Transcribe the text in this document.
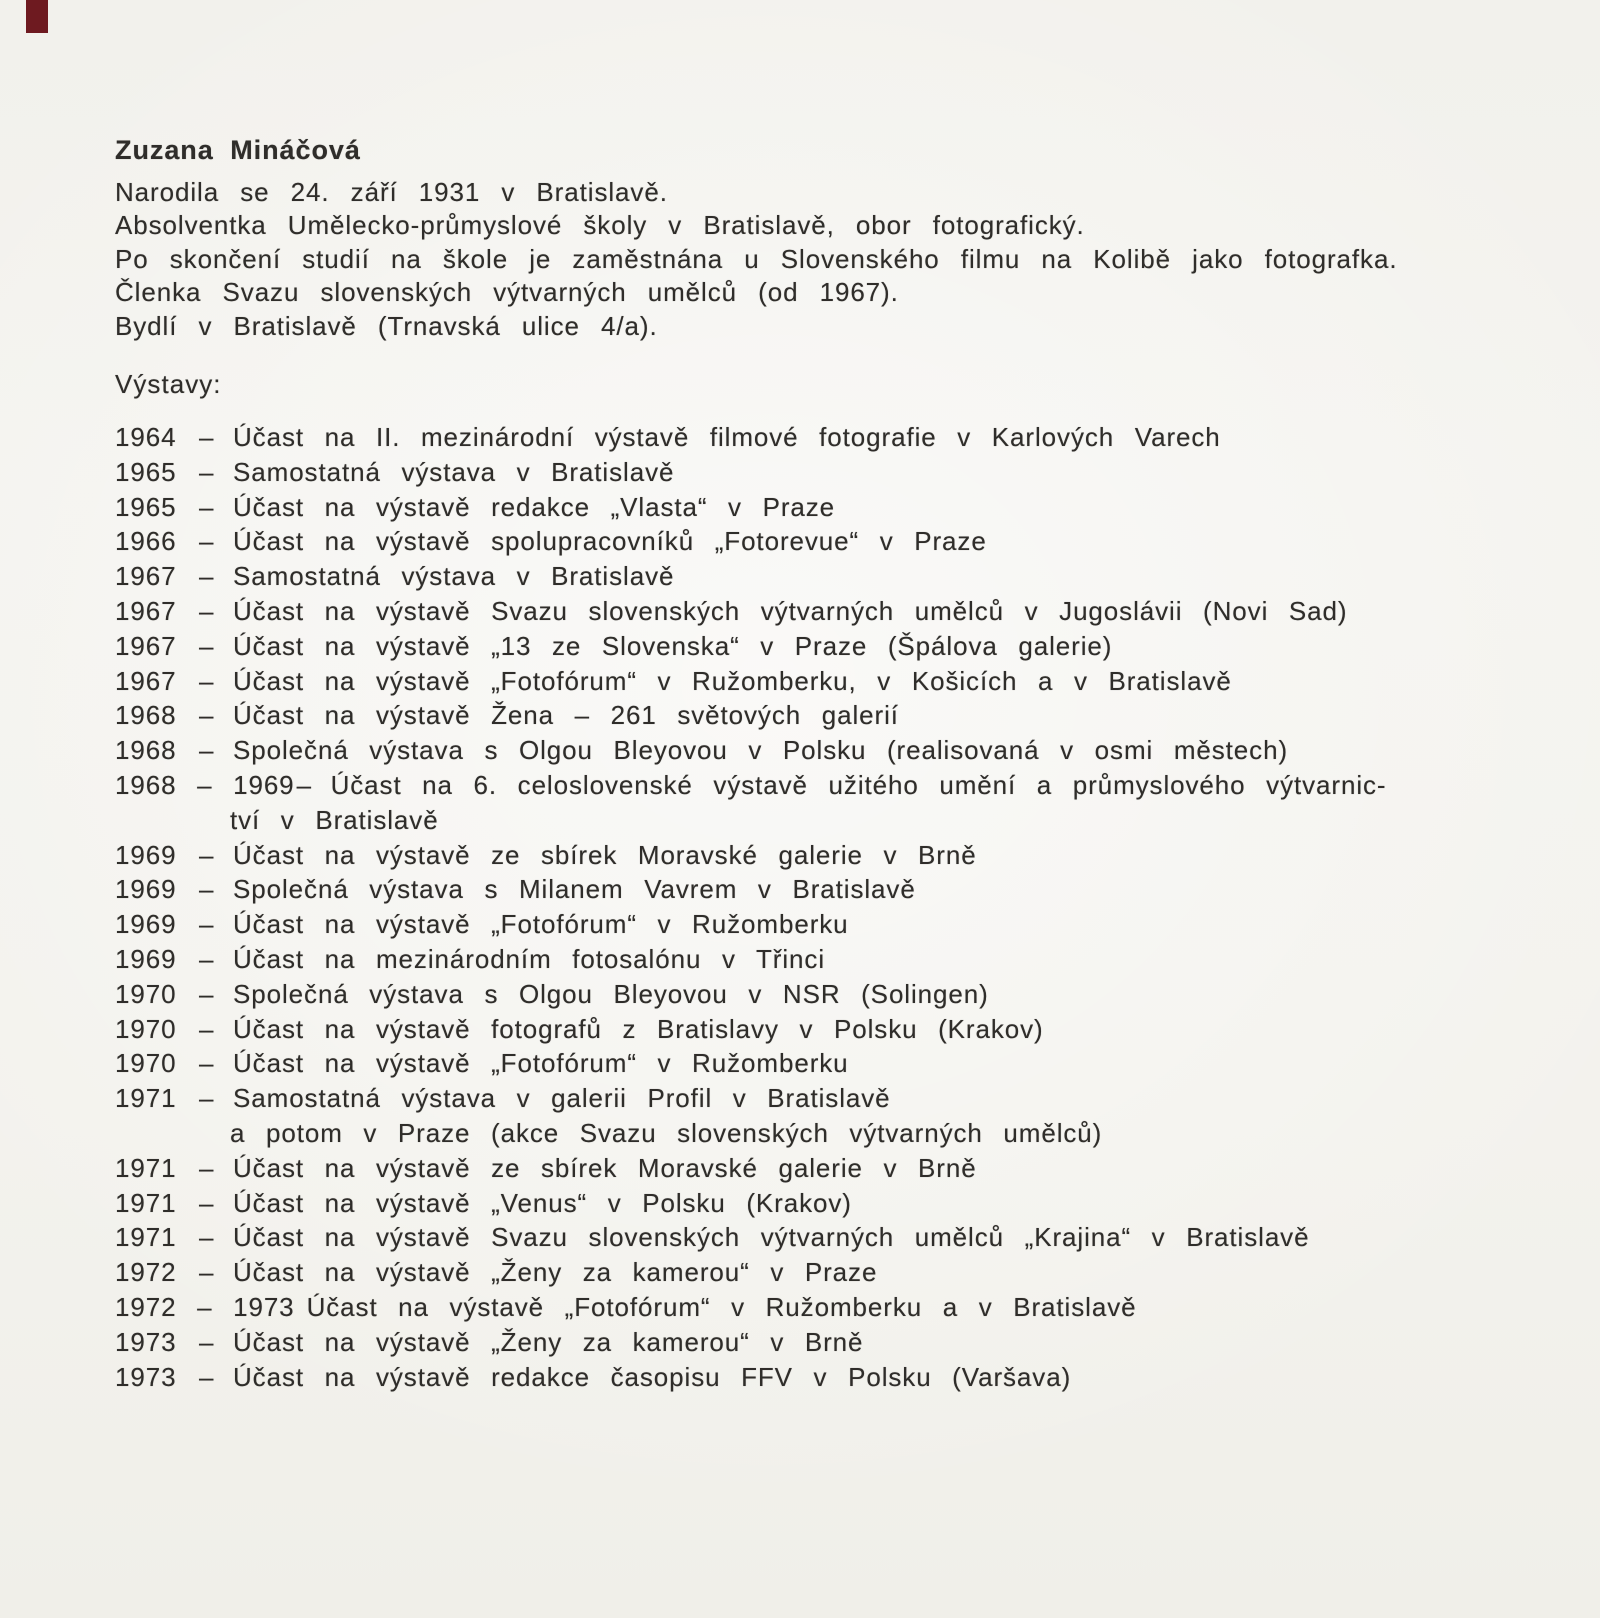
Zuzana Mináčová
Narodila se 24. září 1931 v Bratislavě.
Absolventka Umělecko-průmyslové školy v Bratislavě, obor fotografický.
Po skončení studií na škole je zaměstnána u Slovenského filmu na Kolibě jako fotografka.
Členka Svazu slovenských výtvarných umělců (od 1967).
Bydlí v Bratislavě (Trnavská ulice 4/a).
Výstavy:
1964 – Účast na II. mezinárodní výstavě filmové fotografie v Karlových Varech
1965 – Samostatná výstava v Bratislavě
1965 – Účast na výstavě redakce „Vlasta“ v Praze
1966 – Účast na výstavě spolupracovníků „Fotorevue“ v Praze
1967 – Samostatná výstava v Bratislavě
1967 – Účast na výstavě Svazu slovenských výtvarných umělců v Jugoslávii (Novi Sad)
1967 – Účast na výstavě „13 ze Slovenska“ v Praze (Špálova galerie)
1967 – Účast na výstavě „Fotofórum“ v Ružomberku, v Košicích a v Bratislavě
1968 – Účast na výstavě Žena – 261 světových galerií
1968 – Společná výstava s Olgou Bleyovou v Polsku (realisovaná v osmi městech)
1968 – 1969– Účast na 6. celoslovenské výstavě užitého umění a průmyslového výtvarnic-
tví v Bratislavě
1969 – Účast na výstavě ze sbírek Moravské galerie v Brně
1969 – Společná výstava s Milanem Vavrem v Bratislavě
1969 – Účast na výstavě „Fotofórum“ v Ružomberku
1969 – Účast na mezinárodním fotosalónu v Třinci
1970 – Společná výstava s Olgou Bleyovou v NSR (Solingen)
1970 – Účast na výstavě fotografů z Bratislavy v Polsku (Krakov)
1970 – Účast na výstavě „Fotofórum“ v Ružomberku
1971 – Samostatná výstava v galerii Profil v Bratislavě
a potom v Praze (akce Svazu slovenských výtvarných umělců)
1971 – Účast na výstavě ze sbírek Moravské galerie v Brně
1971 – Účast na výstavě „Venus“ v Polsku (Krakov)
1971 – Účast na výstavě Svazu slovenských výtvarných umělců „Krajina“ v Bratislavě
1972 – Účast na výstavě „Ženy za kamerou“ v Praze
1972 – 1973 Účast na výstavě „Fotofórum“ v Ružomberku a v Bratislavě
1973 – Účast na výstavě „Ženy za kamerou“ v Brně
1973 – Účast na výstavě redakce časopisu FFV v Polsku (Varšava)
